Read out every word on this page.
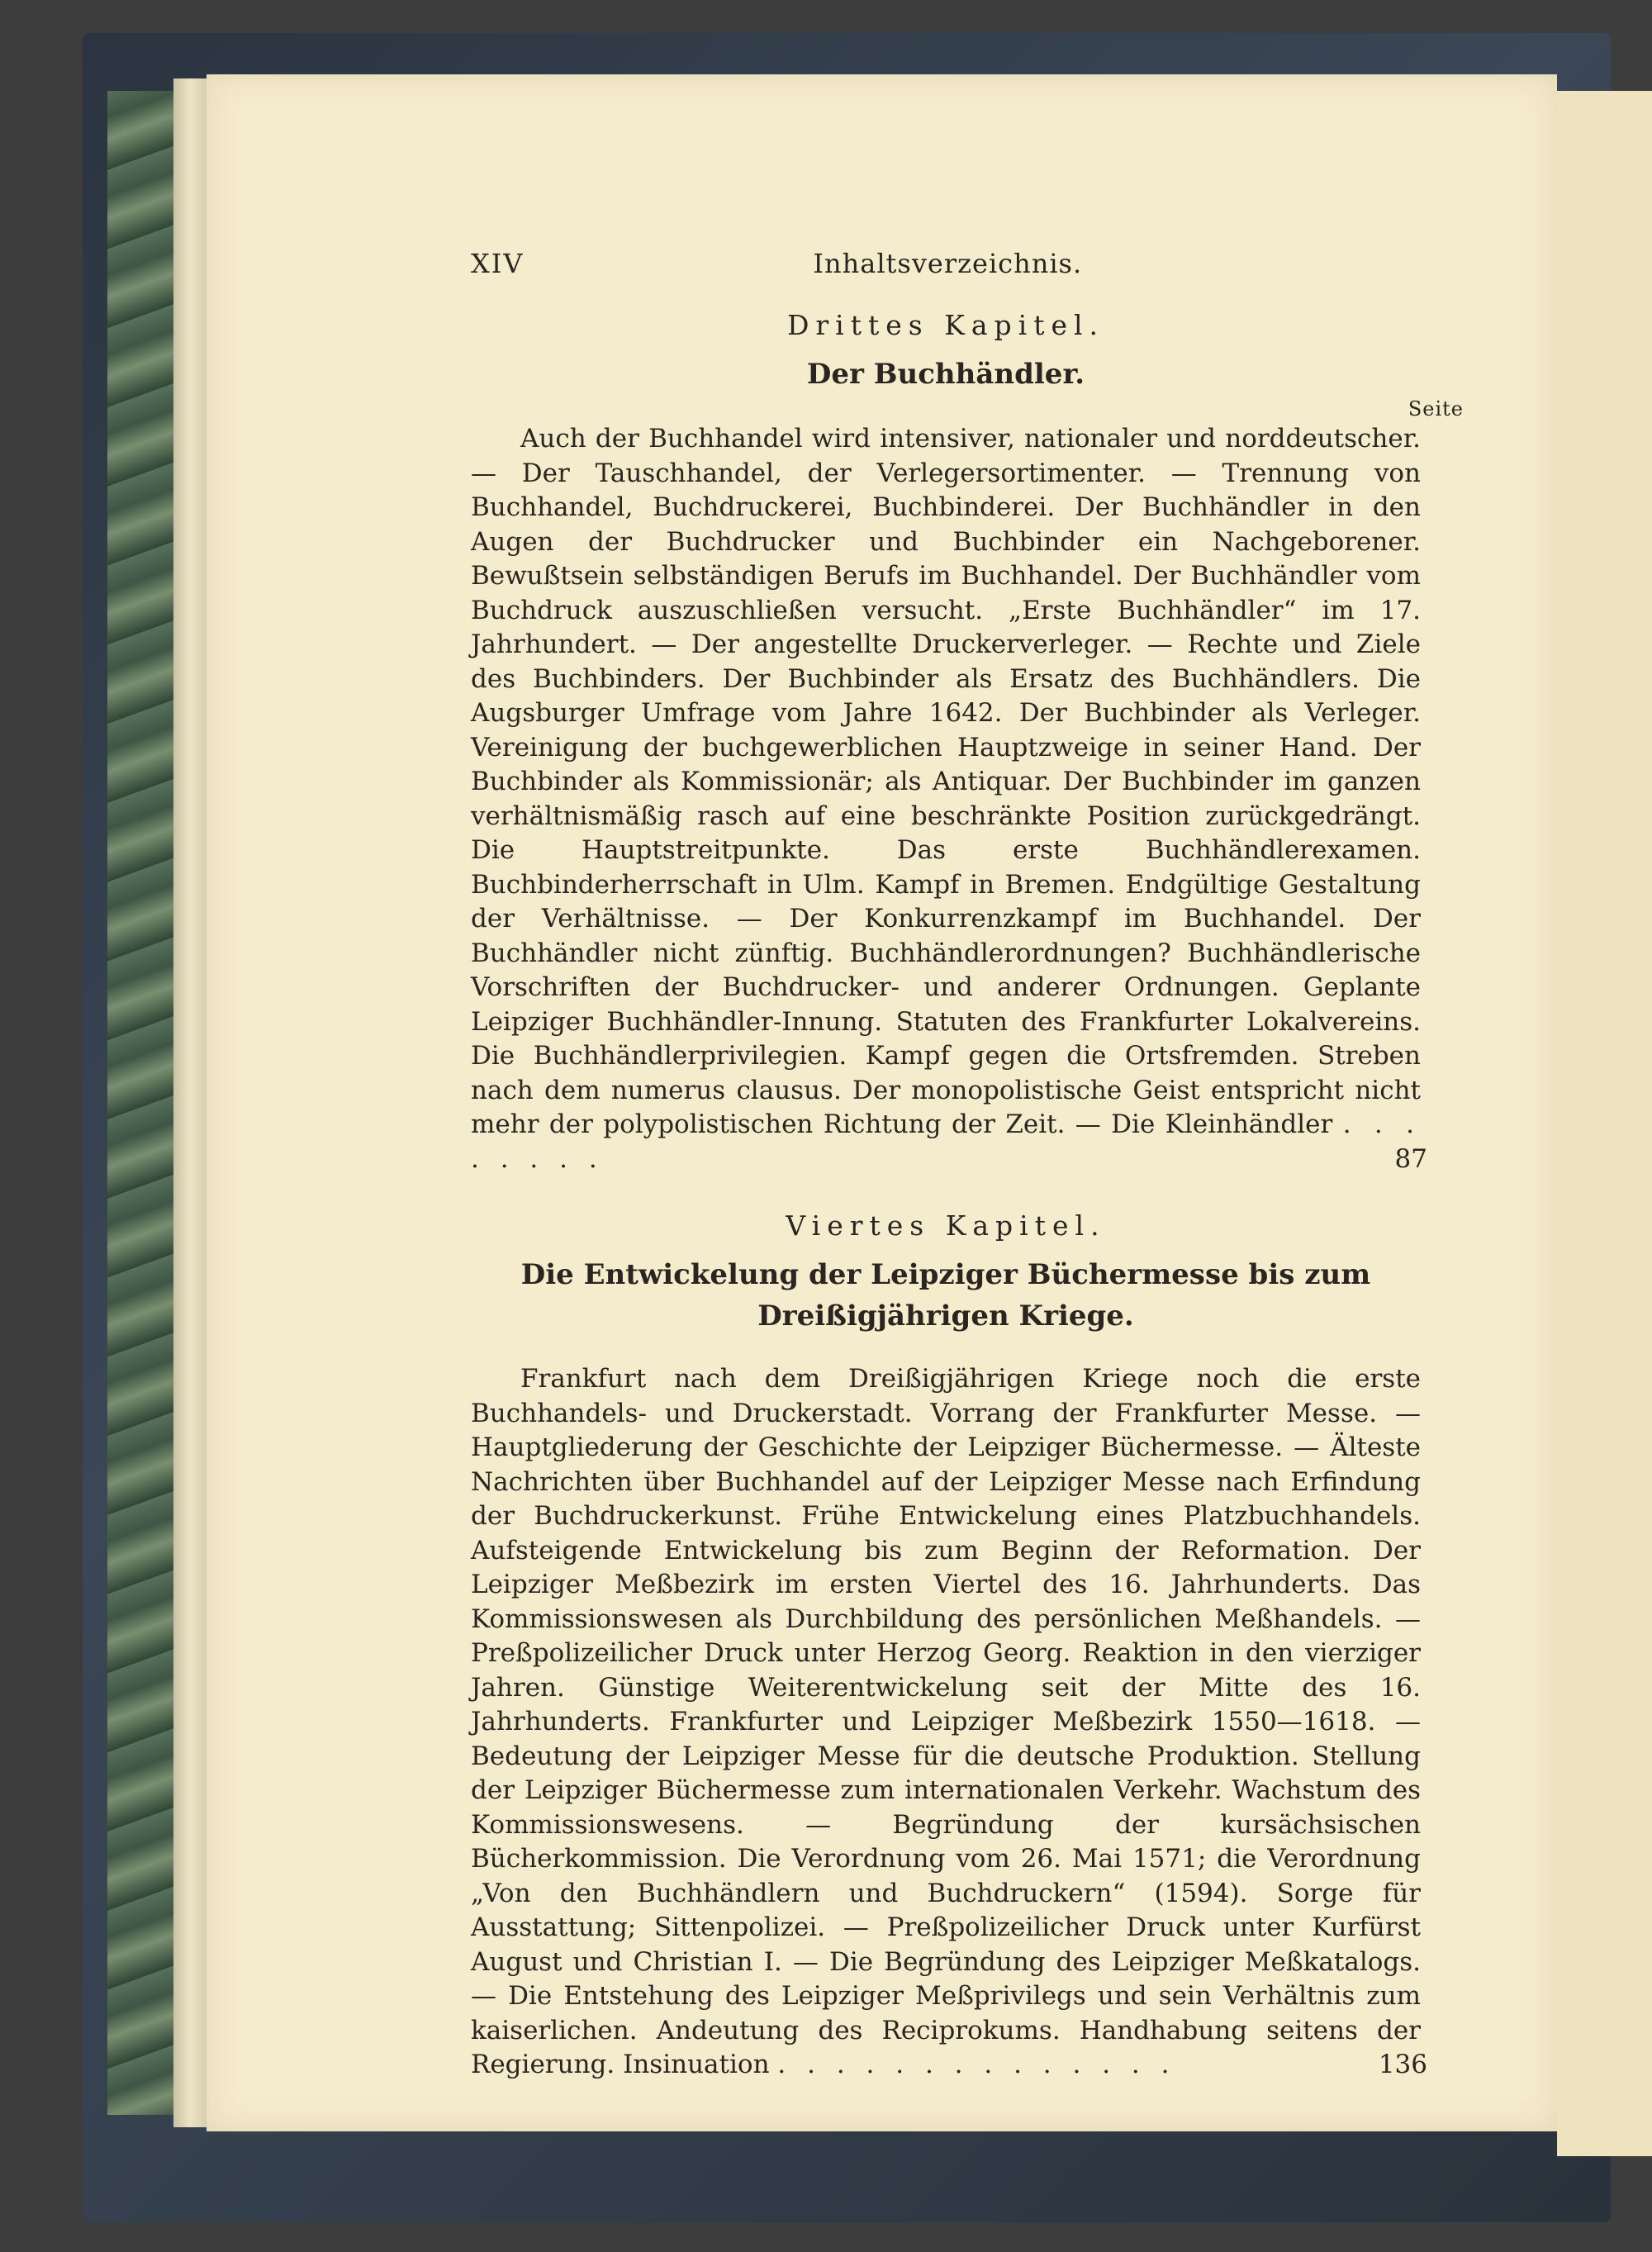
XIV	Inhaltsverzeichnis.
Drittes Kapitel.
Der Buchhändler.
Seite

Auch der Buchhandel wird intensiver, nationaler und norddeutscher. — Der Tauschhandel, der Verlegersortimenter. — Trennung von Buchhandel, Buchdruckerei, Buchbinderei. Der Buchhändler in den Augen der Buchdrucker und Buchbinder ein Nachgeborener. Bewußtsein selbständigen Berufs im Buchhandel. Der Buchhändler vom Buchdruck auszuschließen versucht. „Erste Buchhändler“ im 17. Jahrhundert. — Der angestellte Druckerverleger. — Rechte und Ziele des Buchbinders. Der Buchbinder als Ersatz des Buchhändlers. Die Augsburger Umfrage vom Jahre 1642. Der Buchbinder als Verleger. Vereinigung der buchgewerblichen Hauptzweige in seiner Hand. Der Buchbinder als Kommissionär; als Antiquar. Der Buchbinder im ganzen verhältnismäßig rasch auf eine beschränkte Position zurückgedrängt. Die Hauptstreitpunkte. Das erste Buchhändlerexamen. Buchbinderherrschaft in Ulm. Kampf in Bremen. Endgültige Gestaltung der Verhältnisse. — Der Konkurrenzkampf im Buchhandel. Der Buchhändler nicht zünftig. Buchhändlerordnungen? Buchhändlerische Vorschriften der Buchdrucker- und anderer Ordnungen. Geplante Leipziger Buchhändler-Innung. Statuten des Frankfurter Lokalvereins. Die Buchhändlerprivilegien. Kampf gegen die Ortsfremden. Streben nach dem numerus clausus. Der monopolistische Geist entspricht nicht mehr der polypolistischen Richtung der Zeit. — Die Kleinhändler . . . . . . . .	87

Viertes Kapitel.
Die Entwickelung der Leipziger Büchermesse bis zum
Dreißigjährigen Kriege.

Frankfurt nach dem Dreißigjährigen Kriege noch die erste Buchhandels- und Druckerstadt. Vorrang der Frankfurter Messe. — Hauptgliederung der Geschichte der Leipziger Büchermesse. — Älteste Nachrichten über Buchhandel auf der Leipziger Messe nach Erfindung der Buchdruckerkunst. Frühe Entwickelung eines Platzbuchhandels. Aufsteigende Entwickelung bis zum Beginn der Reformation. Der Leipziger Meßbezirk im ersten Viertel des 16. Jahrhunderts. Das Kommissionswesen als Durchbildung des persönlichen Meßhandels. — Preßpolizeilicher Druck unter Herzog Georg. Reaktion in den vierziger Jahren. Günstige Weiterentwickelung seit der Mitte des 16. Jahrhunderts. Frankfurter und Leipziger Meßbezirk 1550—1618. — Bedeutung der Leipziger Messe für die deutsche Produktion. Stellung der Leipziger Büchermesse zum internationalen Verkehr. Wachstum des Kommissionswesens. — Begründung der kursächsischen Bücherkommission. Die Verordnung vom 26. Mai 1571; die Verordnung „Von den Buchhändlern und Buchdruckern“ (1594). Sorge für Ausstattung; Sittenpolizei. — Preßpolizeilicher Druck unter Kurfürst August und Christian I. — Die Begründung des Leipziger Meßkatalogs. — Die Entstehung des Leipziger Meßprivilegs und sein Verhältnis zum kaiserlichen. Andeutung des Reciprokums. Handhabung seitens der Regierung. Insinuation . . . . . . . . . . . . . .	136
